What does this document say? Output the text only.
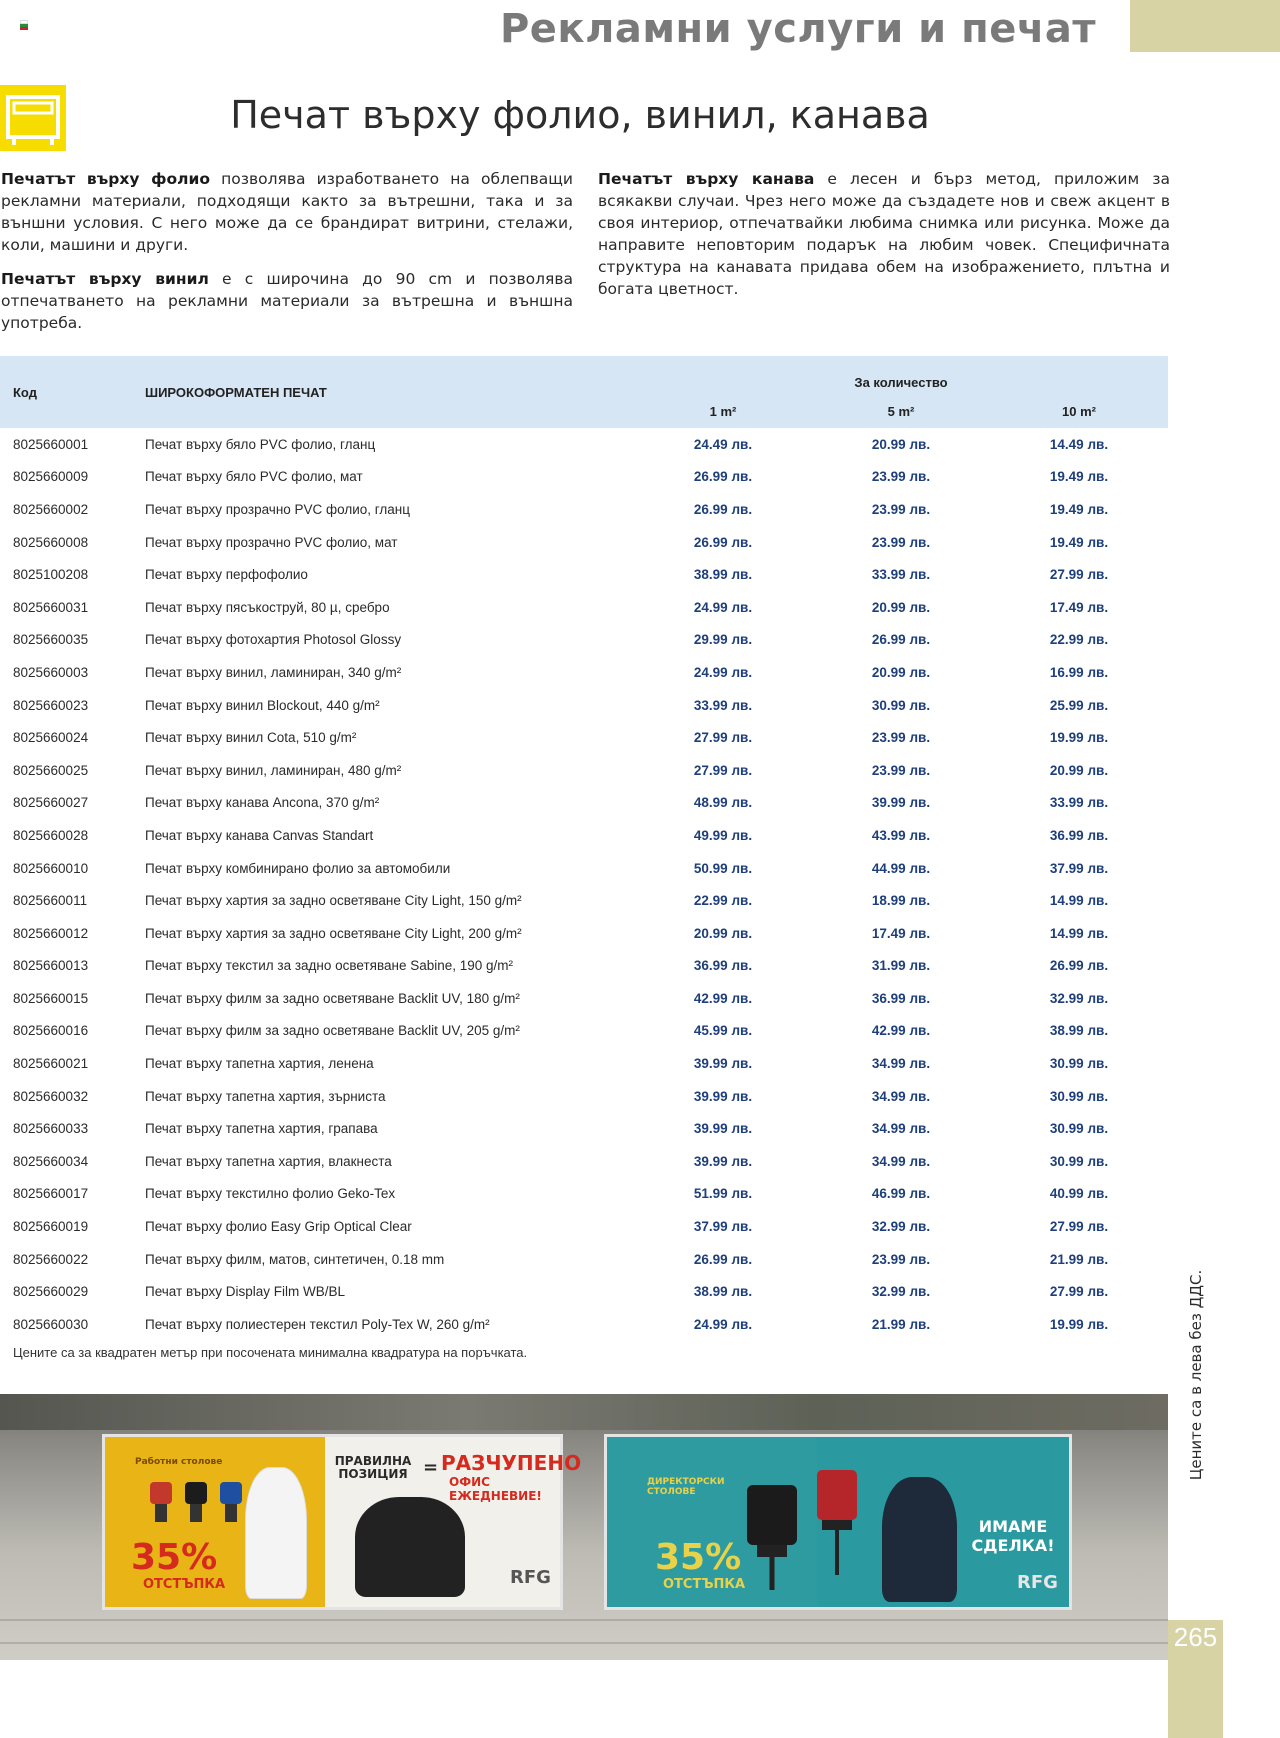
Рекламни услуги и печат
Печат върху фолио, винил, канава

Печатът върху фолио позволява изработването на облепващи рекламни материали, подходящи както за вътрешни, така и за външни условия. С него може да се брандират витрини, стелажи, коли, машини и други.

Печатът върху винил е с широчина до 90 cm и позволява отпечатването на рекламни материали за вътрешна и външна употреба.

Печатът върху канава е лесен и бърз метод, приложим за всякакви случаи. Чрез него може да създадете нов и свеж акцент в своя интериор, отпечатвайки любима снимка или рисунка. Може да направите неповторим подарък на любим човек. Специфичната структура на канавата придава обем на изображението, плътна и богата цветност.

Код	ШИРОКОФОРМАТЕН ПЕЧАТ	За количество		
		1 m²	5 m²	10 m²
8025660001	Печат върху бяло PVC фолио, гланц	24.49 лв.	20.99 лв.	14.49 лв.
8025660009	Печат върху бяло PVC фолио, мат	26.99 лв.	23.99 лв.	19.49 лв.
8025660002	Печат върху прозрачно PVC фолио, гланц	26.99 лв.	23.99 лв.	19.49 лв.
8025660008	Печат върху прозрачно PVC фолио, мат	26.99 лв.	23.99 лв.	19.49 лв.
8025100208	Печат върху перфофолио	38.99 лв.	33.99 лв.	27.99 лв.
8025660031	Печат върху пясъкоструй, 80 µ, сребро	24.99 лв.	20.99 лв.	17.49 лв.
8025660035	Печат върху фотохартия Photosol Glossy	29.99 лв.	26.99 лв.	22.99 лв.
8025660003	Печат върху винил, ламиниран, 340 g/m²	24.99 лв.	20.99 лв.	16.99 лв.
8025660023	Печат върху винил Blockout, 440 g/m²	33.99 лв.	30.99 лв.	25.99 лв.
8025660024	Печат върху винил Cota, 510 g/m²	27.99 лв.	23.99 лв.	19.99 лв.
8025660025	Печат върху винил, ламиниран, 480 g/m²	27.99 лв.	23.99 лв.	20.99 лв.
8025660027	Печат върху канава Ancona, 370 g/m²	48.99 лв.	39.99 лв.	33.99 лв.
8025660028	Печат върху канава Canvas Standart	49.99 лв.	43.99 лв.	36.99 лв.
8025660010	Печат върху комбинирано фолио за автомобили	50.99 лв.	44.99 лв.	37.99 лв.
8025660011	Печат върху хартия за задно осветяване City Light, 150 g/m²	22.99 лв.	18.99 лв.	14.99 лв.
8025660012	Печат върху хартия за задно осветяване City Light, 200 g/m²	20.99 лв.	17.49 лв.	14.99 лв.
8025660013	Печат върху текстил за задно осветяване Sabine, 190 g/m²	36.99 лв.	31.99 лв.	26.99 лв.
8025660015	Печат върху филм за задно осветяване Backlit UV, 180 g/m²	42.99 лв.	36.99 лв.	32.99 лв.
8025660016	Печат върху филм за задно осветяване Backlit UV, 205 g/m²	45.99 лв.	42.99 лв.	38.99 лв.
8025660021	Печат върху тапетна хартия, ленена	39.99 лв.	34.99 лв.	30.99 лв.
8025660032	Печат върху тапетна хартия, зърниста	39.99 лв.	34.99 лв.	30.99 лв.
8025660033	Печат върху тапетна хартия, грапава	39.99 лв.	34.99 лв.	30.99 лв.
8025660034	Печат върху тапетна хартия, влакнеста	39.99 лв.	34.99 лв.	30.99 лв.
8025660017	Печат върху текстилно фолио Geko-Tex	51.99 лв.	46.99 лв.	40.99 лв.
8025660019	Печат върху фолио Easy Grip Optical Clear	37.99 лв.	32.99 лв.	27.99 лв.
8025660022	Печат върху филм, матов, синтетичен, 0.18 mm	26.99 лв.	23.99 лв.	21.99 лв.
8025660029	Печат върху Display Film WB/BL	38.99 лв.	32.99 лв.	27.99 лв.
8025660030	Печат върху полиестерен текстил Poly-Tex W, 260 g/m²	24.99 лв.	21.99 лв.	19.99 лв.
Цените са за квадратен метър при посочената минимална квадратура на поръчката.
Работни столове
35%
ОТСТЪПКА
ПРАВИЛНА ПОЗИЦИЯ = РАЗЧУПЕНО
ОФИС ЕЖЕДНЕВИЕ!
RFG
ДИРЕКТОРСКИ СТОЛОВЕ
35%
ОТСТЪПКА
ИМАМЕ СДЕЛКА!
RFG
Цените са в лева без ДДС.
265
